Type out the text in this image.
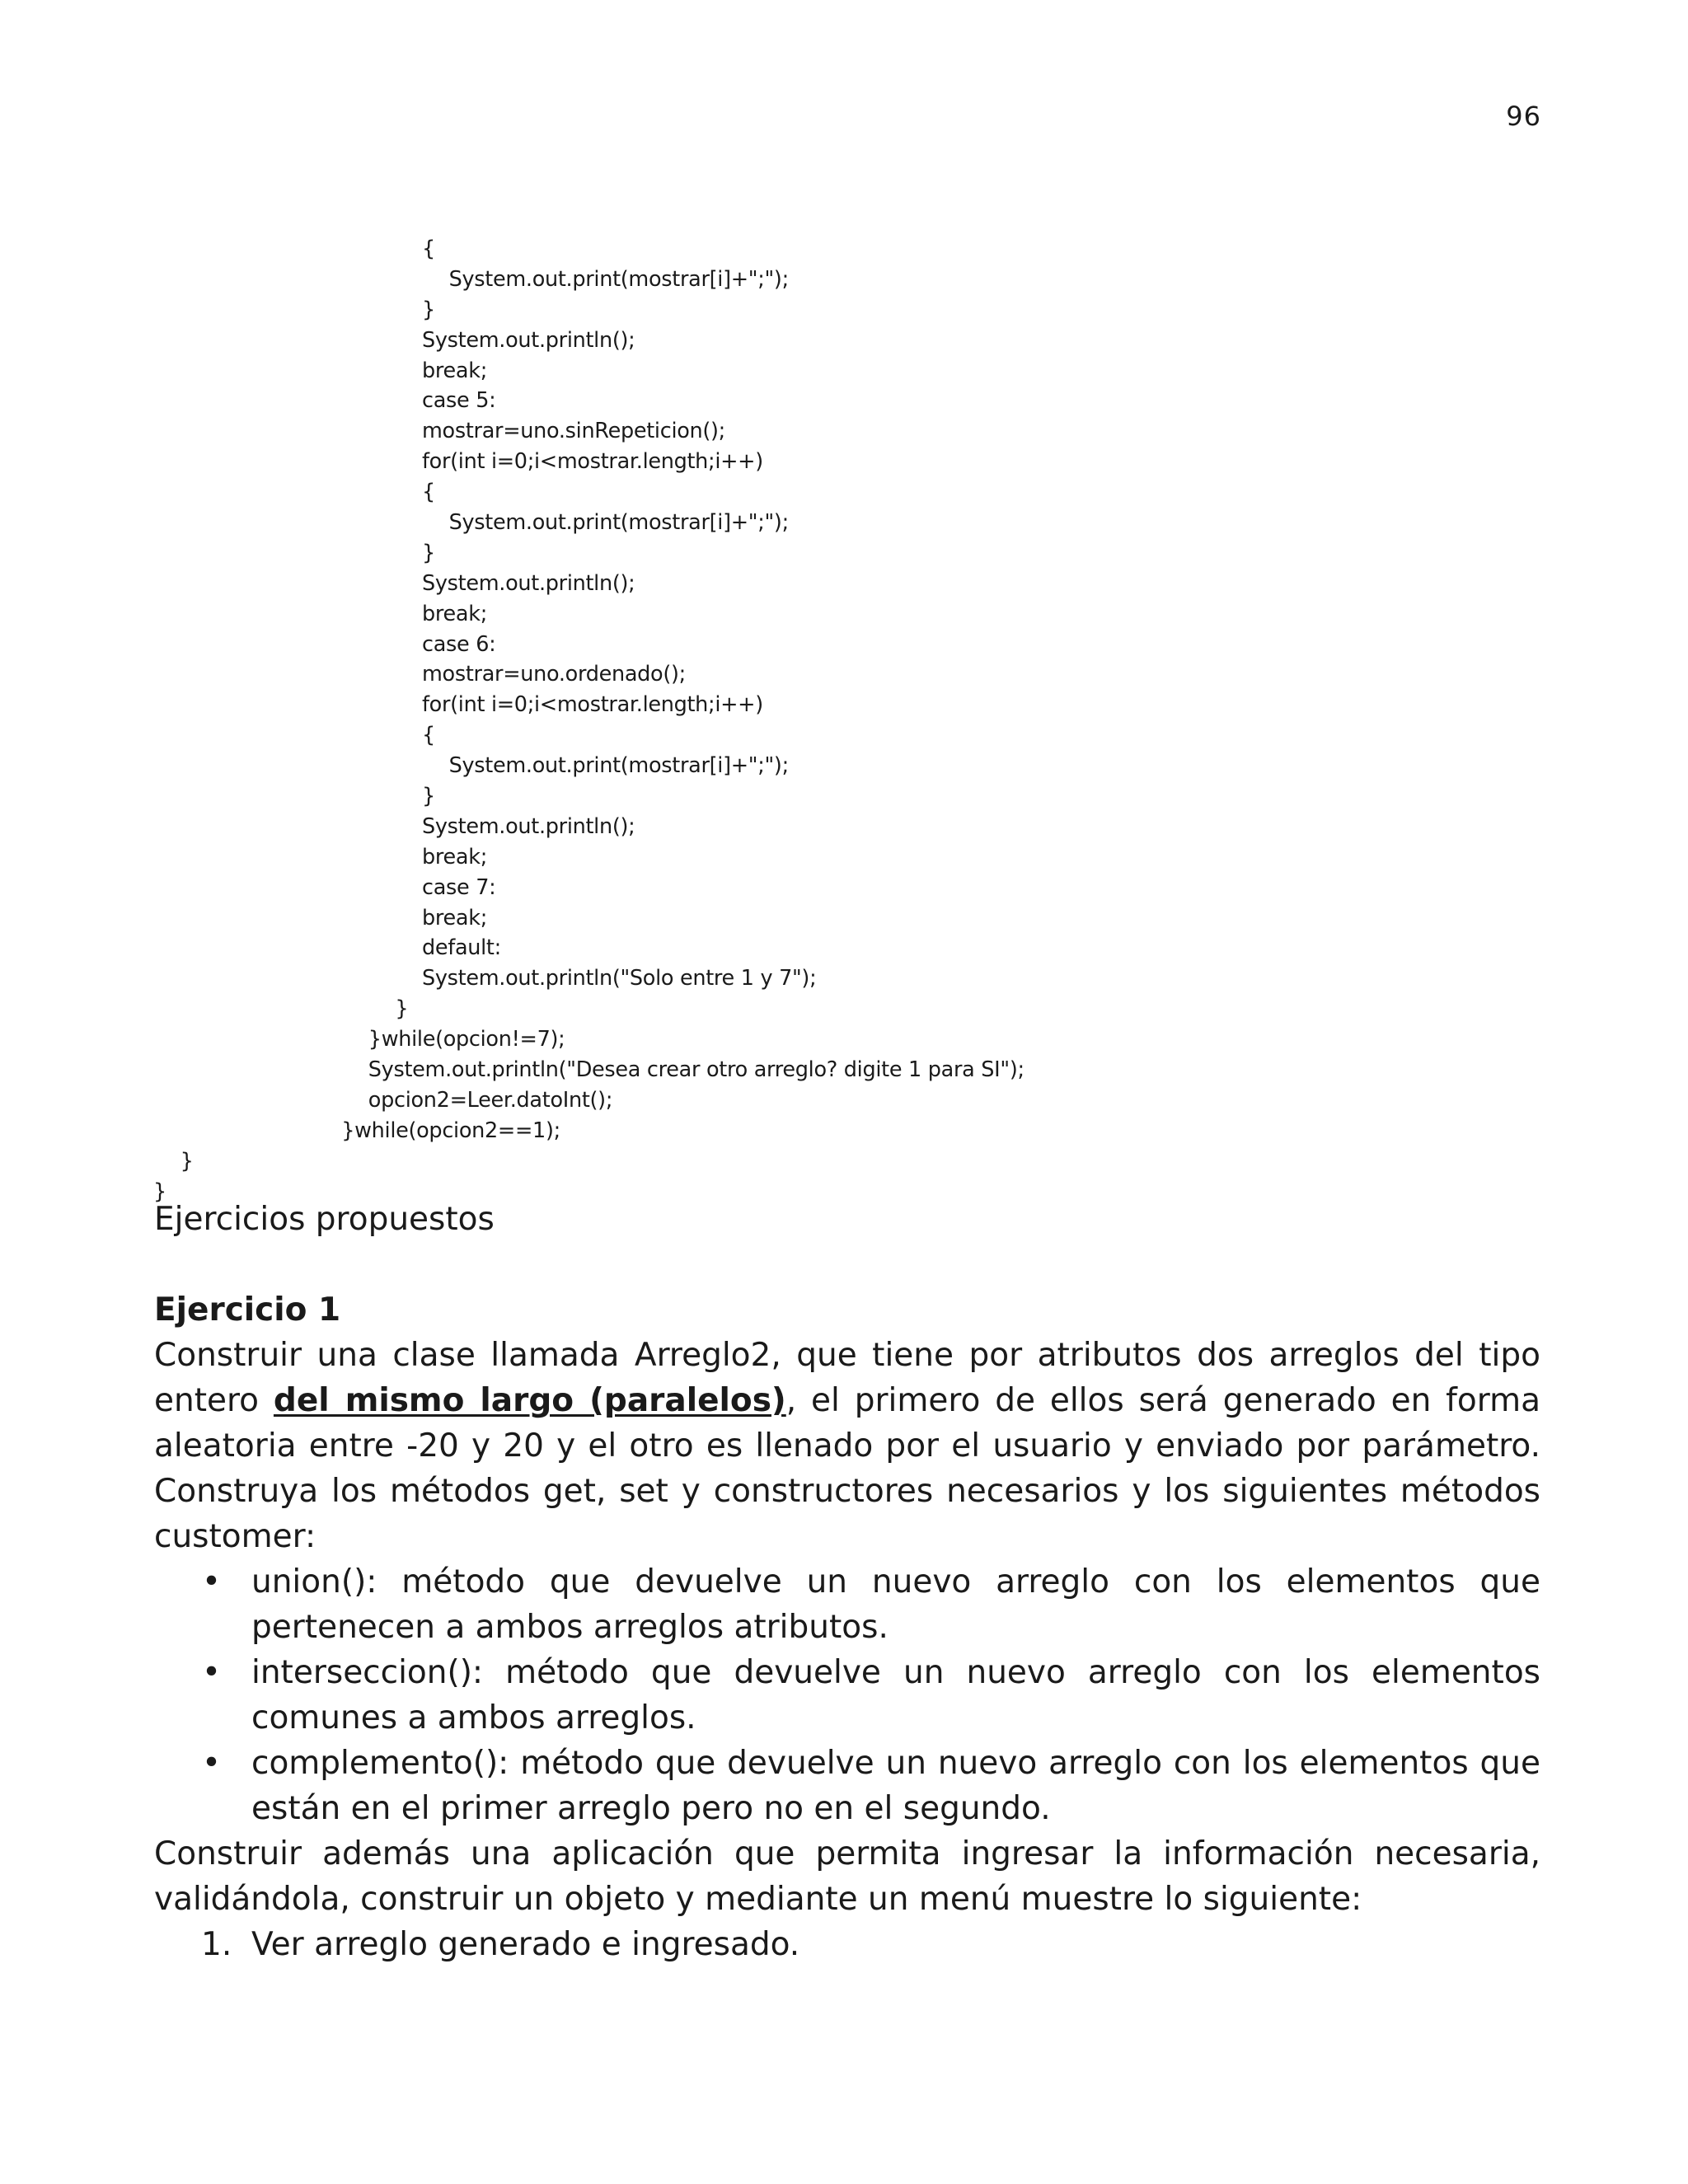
96
{
System.out.print(mostrar[i]+";");
}
System.out.println();
break;
case 5:
mostrar=uno.sinRepeticion();
for(int i=0;i<mostrar.length;i++)
{
System.out.print(mostrar[i]+";");
}
System.out.println();
break;
case 6:
mostrar=uno.ordenado();
for(int i=0;i<mostrar.length;i++)
{
System.out.print(mostrar[i]+";");
}
System.out.println();
break;
case 7:
break;
default:
System.out.println("Solo entre 1 y 7");
}
}while(opcion!=7);
System.out.println("Desea crear otro arreglo? digite 1 para SI");
opcion2=Leer.datoInt();
}while(opcion2==1);
}
}
Ejercicios propuestos
Ejercicio 1

Construir una clase llamada Arreglo2, que tiene por atributos dos arreglos del tipo entero del mismo largo (paralelos), el primero de ellos será generado en forma aleatoria entre -20 y 20 y el otro es llenado por el usuario y enviado por parámetro. Construya los métodos get, set y constructores necesarios y los siguientes métodos customer:

• union(): método que devuelve un nuevo arreglo con los elementos que pertenecen a ambos arreglos atributos.
• interseccion(): método que devuelve un nuevo arreglo con los elementos comunes a ambos arreglos.
• complemento(): método que devuelve un nuevo arreglo con los elementos que están en el primer arreglo pero no en el segundo.

Construir además una aplicación que permita ingresar la información necesaria, validándola, construir un objeto y mediante un menú muestre lo siguiente:

1. Ver arreglo generado e ingresado.
